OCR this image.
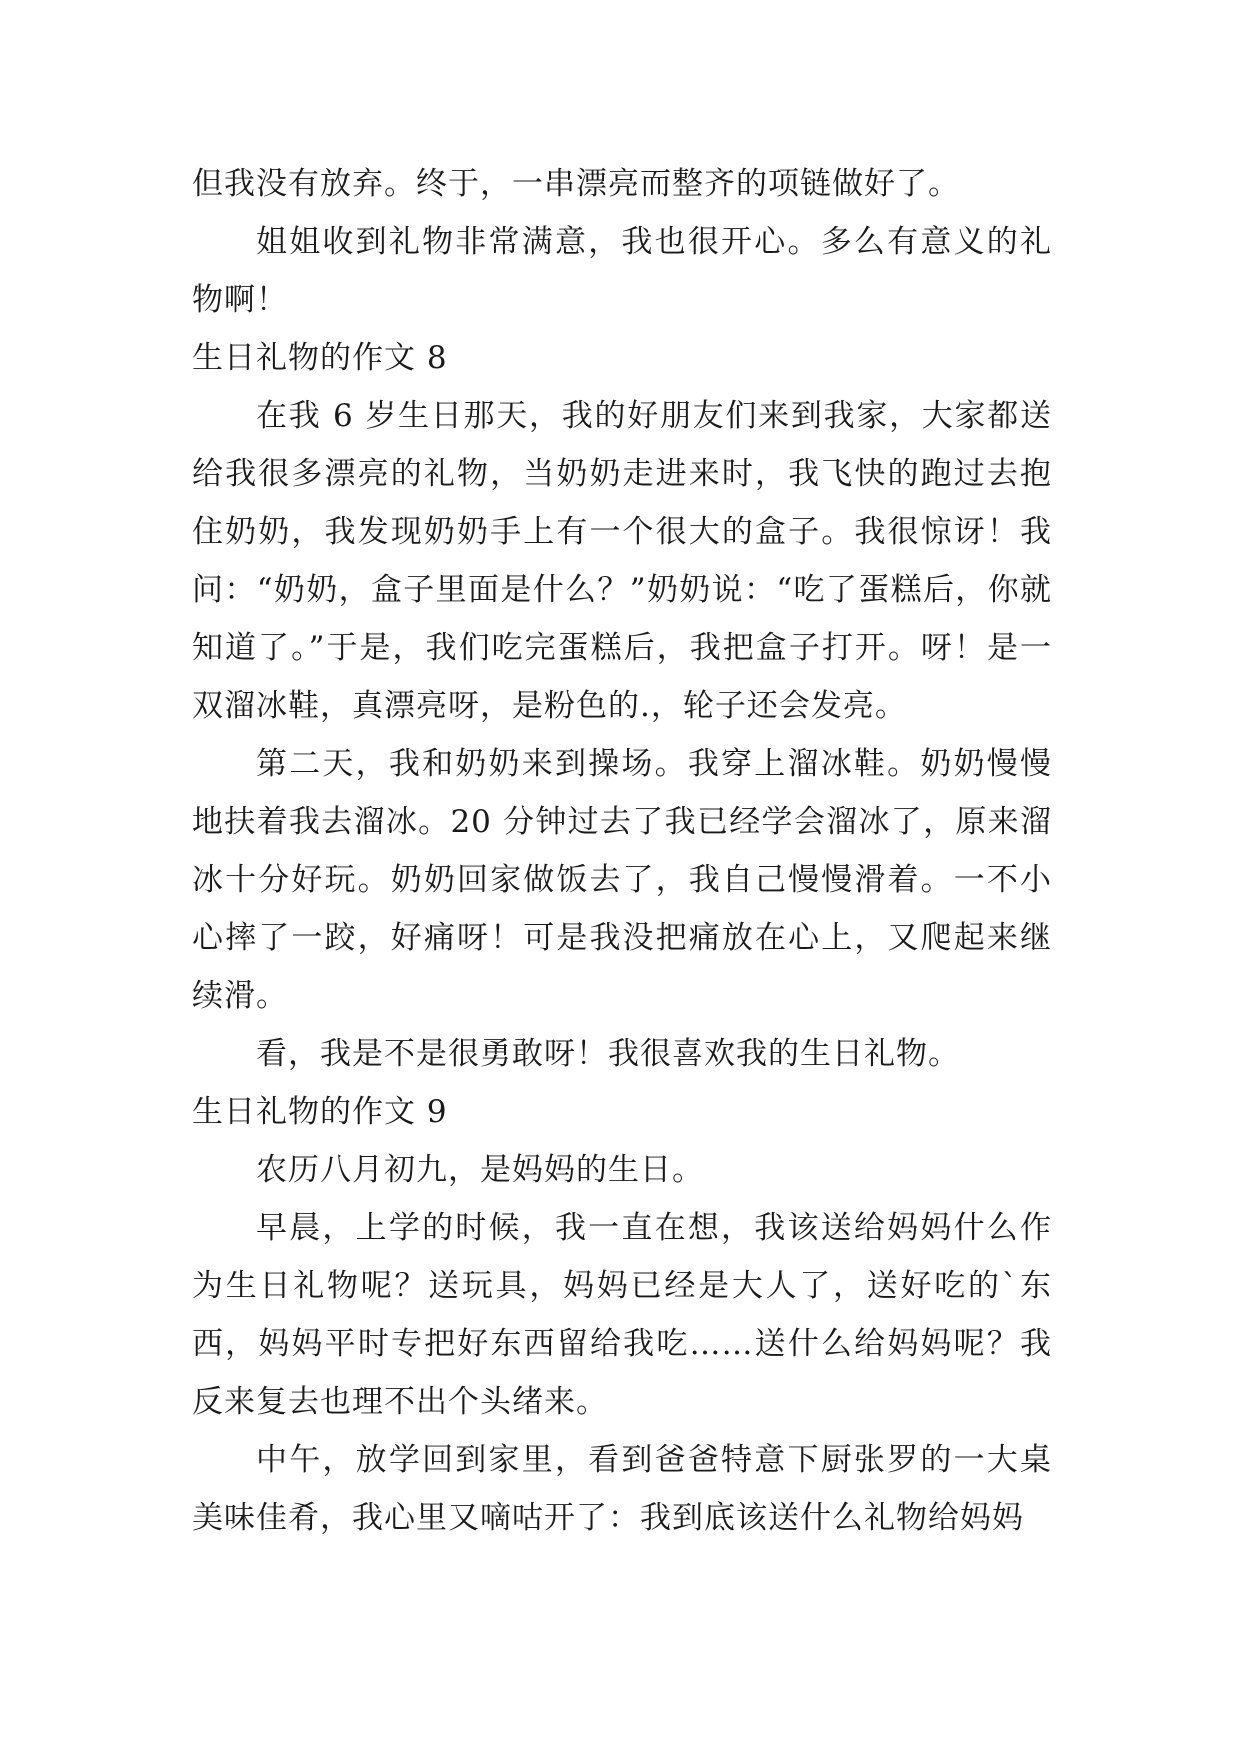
但我没有放弃。终于，一串漂亮而整齐的项链做好了。

姐姐收到礼物非常满意，我也很开心。多么有意义的礼物啊！

生日礼物的作文 8

在我 6 岁生日那天，我的好朋友们来到我家，大家都送给我很多漂亮的礼物，当奶奶走进来时，我飞快的跑过去抱住奶奶，我发现奶奶手上有一个很大的盒子。我很惊讶！我问：“奶奶，盒子里面是什么？”奶奶说：“吃了蛋糕后，你就知道了。”于是，我们吃完蛋糕后，我把盒子打开。呀！是一双溜冰鞋，真漂亮呀，是粉色的.，轮子还会发亮。

第二天，我和奶奶来到操场。我穿上溜冰鞋。奶奶慢慢地扶着我去溜冰。20 分钟过去了我已经学会溜冰了，原来溜冰十分好玩。奶奶回家做饭去了，我自己慢慢滑着。一不小心摔了一跤，好痛呀！可是我没把痛放在心上，又爬起来继续滑。

看，我是不是很勇敢呀！我很喜欢我的生日礼物。

生日礼物的作文 9

农历八月初九，是妈妈的生日。

早晨，上学的时候，我一直在想，我该送给妈妈什么作为生日礼物呢？送玩具，妈妈已经是大人了，送好吃的`东西，妈妈平时专把好东西留给我吃……送什么给妈妈呢？我反来复去也理不出个头绪来。

中午，放学回到家里，看到爸爸特意下厨张罗的一大桌美味佳肴，我心里又嘀咕开了：我到底该送什么礼物给妈妈
